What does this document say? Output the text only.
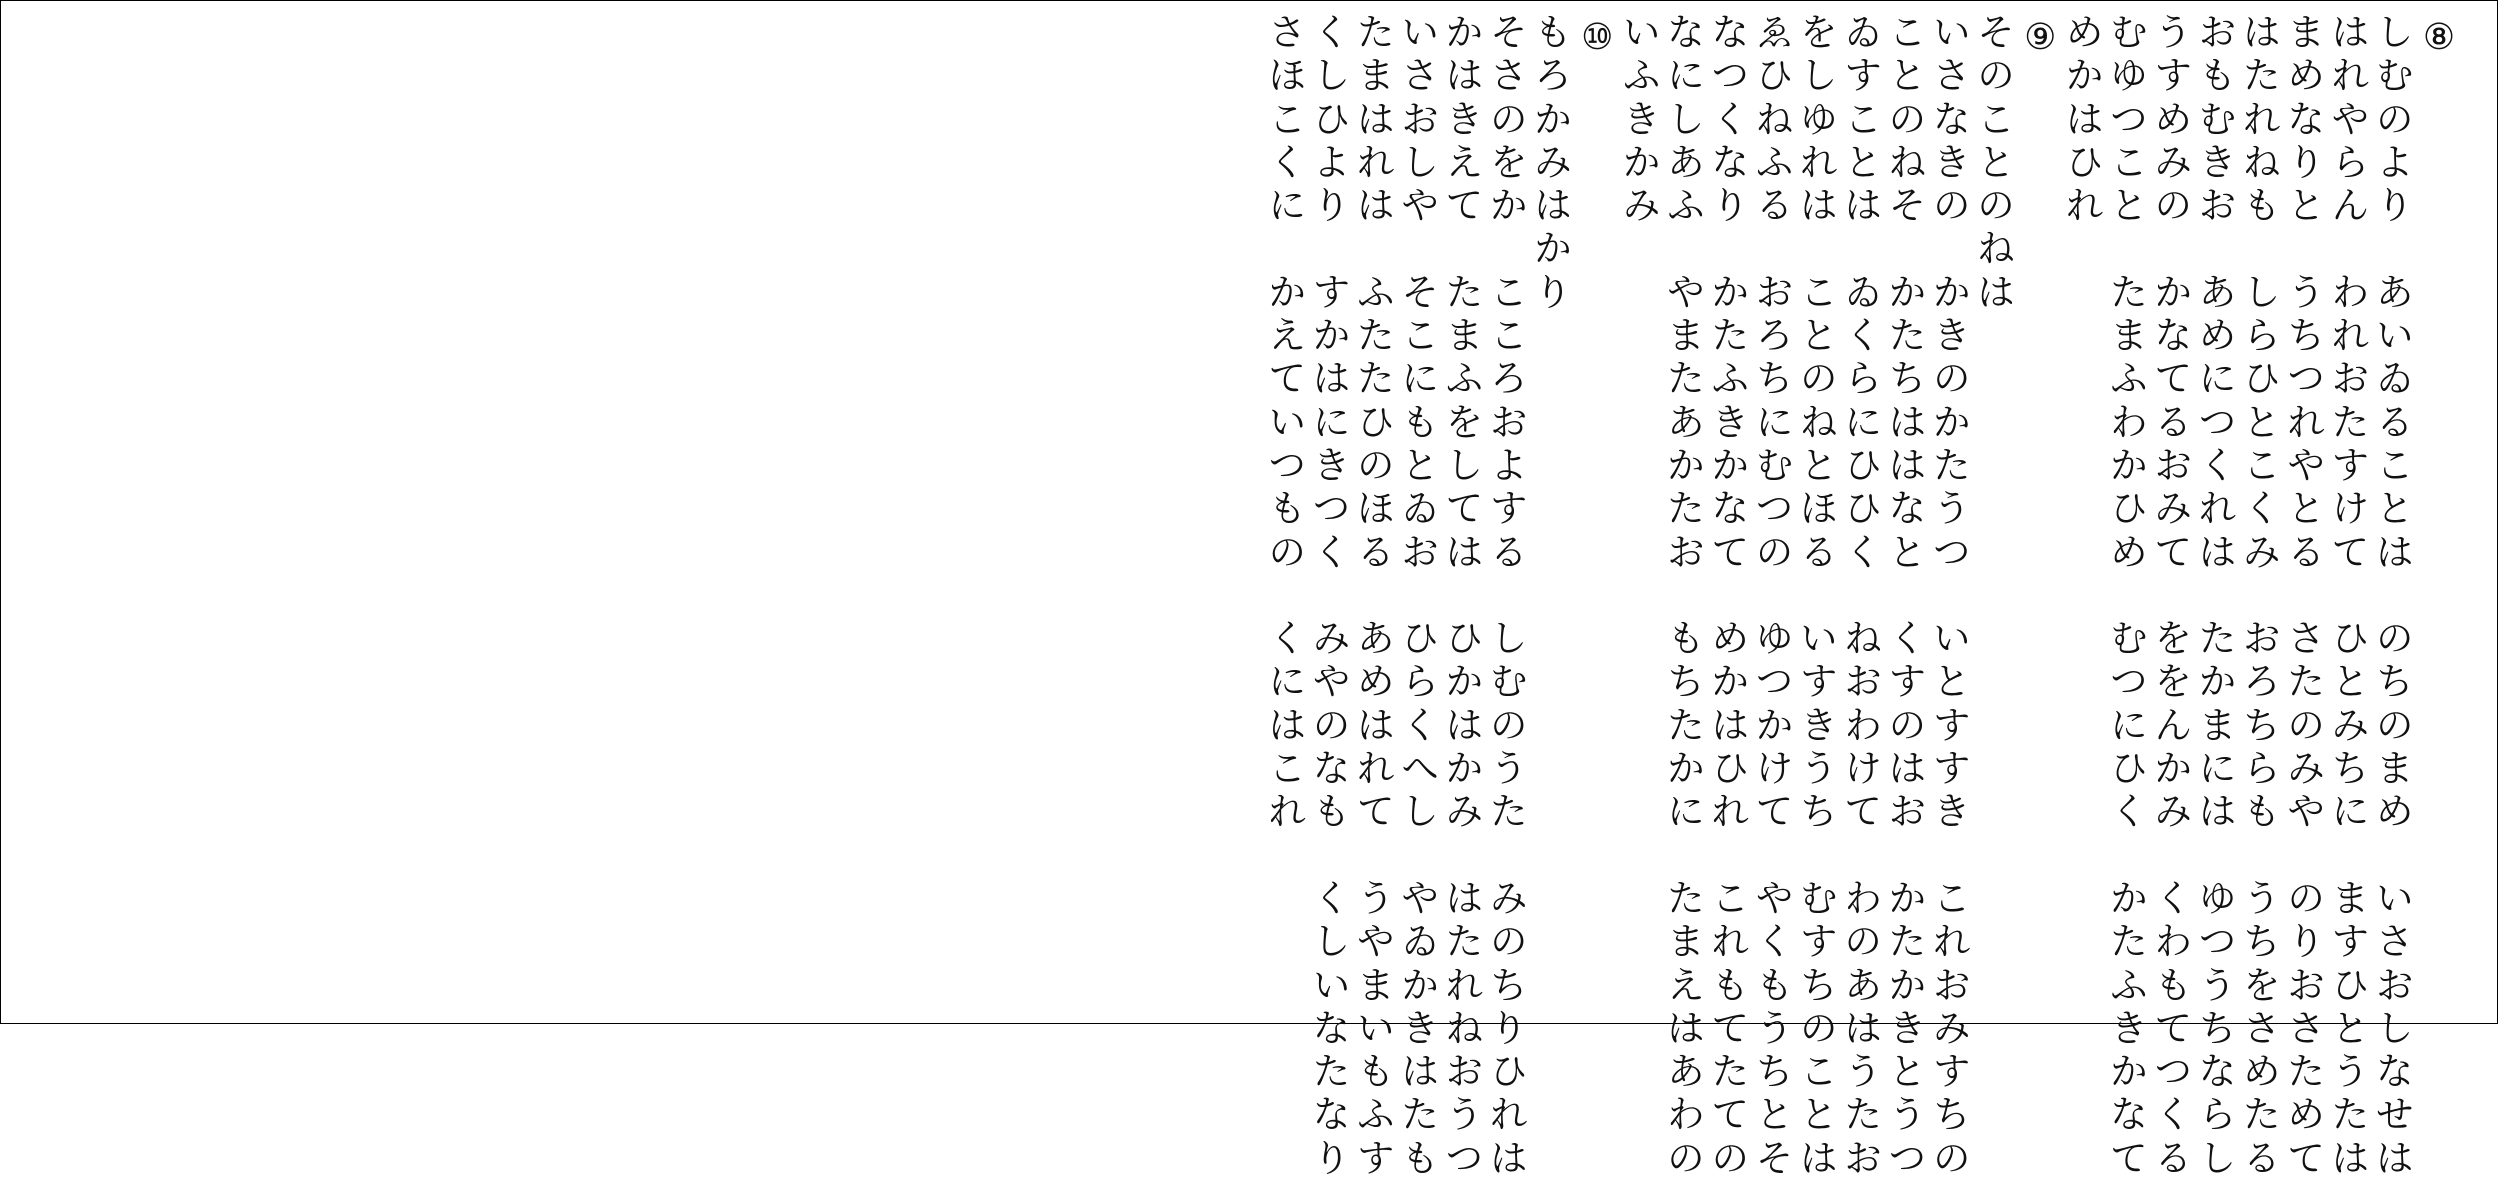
⑧
し
む
の
よ
り

あ
い
ゐ
る
こ
と
は

の
ち
の
ま
め

い
さ
お
し
な
せ
は
は
れ
や
ら
ん

わ
れ
お
た
す
け
て

ひ
と
み
ち
に

ま
す
ひ
と
う
た
は
ま
め
な
り
と

う
ち
つ
れ
や
と
る

さ
た
の
み
や

の
り
お
さ
た
め
て
は
た
れ
ね
も

し
ら
ひ
と
こ
く
み

お
ろ
ち
ら
も

う
ち
を
さ
め
た
る
お
も
む
き
お

あ
め
に
つ
く
れ
は

た
か
ま
に
は

ゆ
つ
う
ち
な
ら
し
う
す
め
み
の

か
な
て
る
お
み
て

を
を
ん
か
み

く
わ
も
て
つ
く
る
む
ゆ
つ
こ
と

た
ま
ふ
わ
か
ひ
め

む
つ
に
ひ
く

か
た
ふ
き
か
な
て
め
か
は
ひ
れ
⑨
そ
の
こ
と
の
ね
は
い
さ
な
き
の

か
き
の
か
た
う
つ

い
と
す
す
き

こ
れ
お
み
す
ち
の
こ
と
の
ね
そ

か
た
ち
は
は
な
と

く
す
の
は
お

か
た
か
き
と
う
つ
ゐ
す
こ
と
は

ゐ
く
ら
に
ひ
ひ
く

ね
お
わ
け
て

わ
の
あ
は
う
た
お
を
し
ゆ
れ
は

こ
と
の
ね
と
ほ
る

い
す
き
う
ち

む
す
ち
の
こ
と
は
ゑ
ひ
ね
ふ
る

お
ろ
ち
に
む
つ
の

ゆ
つ
か
け
て

や
く
も
う
ち
と
そ
な
つ
く
な
り

か
た
ふ
き
か
な
て

め
か
は
ひ
れ

こ
れ
も
て
た
て
の
な
に
し
あ
ふ

や
ま
た
あ
か
た
お

も
ち
た
か
に

た
ま
え
は
あ
わ
の
い
ふ
き
か
み
⑩
も
ろ
か
み
は
か
り
そ
さ
の
を
か

こ
こ
ろ
お
よ
す
る

し
む
の
う
た

み
の
ち
り
ひ
れ
は
か
は
き
え
て

た
ま
ふ
を
し
て
は

ひ
か
は
か
み

は
た
れ
ね
お
う
つ
い
さ
お
し
や

そ
こ
に
も
と
ゐ
お

ひ
ら
く
へ
し

や
ゐ
か
き
は
た
も
た
ま
は
れ
は

ふ
た
た
ひ
の
ほ
る

あ
め
は
れ
て

う
や
ま
い
も
ふ
す
く
し
ひ
よ
り

す
か
は
に
き
つ
く

み
や
の
な
も

く
し
い
な
た
な
り
さ
ほ
こ
く
に

か
え
て
い
つ
も
の

く
に
は
こ
れ
